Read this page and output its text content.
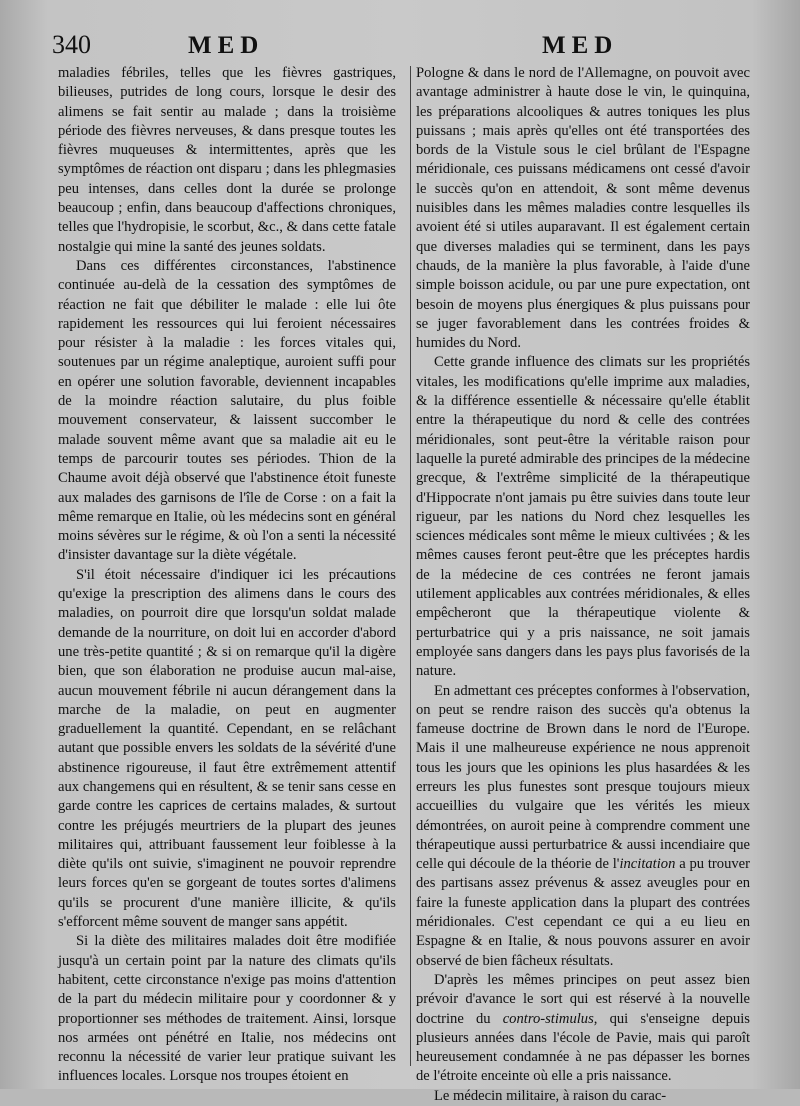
340	MED	MED

maladies fébriles, telles que les fièvres gastriques, bilieuses, putrides de long cours, lorsque le desir des alimens se fait sentir au malade ; dans la troisième période des fièvres nerveuses, & dans presque toutes les fièvres muqueuses & intermittentes, après que les symptômes de réaction ont disparu ; dans les phlegmasies peu intenses, dans celles dont la durée se prolonge beaucoup ; enfin, dans beaucoup d'affections chroniques, telles que l'hydropisie, le scorbut, &c., & dans cette fatale nostalgie qui mine la santé des jeunes soldats.

Dans ces différentes circonstances, l'abstinence continuée au-delà de la cessation des symptômes de réaction ne fait que débiliter le malade : elle lui ôte rapidement les ressources qui lui feroient nécessaires pour résister à la maladie : les forces vitales qui, soutenues par un régime analeptique, auroient suffi pour en opérer une solution favorable, deviennent incapables de la moindre réaction salutaire, du plus foible mouvement conservateur, & laissent succomber le malade souvent même avant que sa maladie ait eu le temps de parcourir toutes ses périodes. Thion de la Chaume avoit déjà observé que l'abstinence étoit funeste aux malades des garnisons de l'île de Corse : on a fait la même remarque en Italie, où les médecins sont en général moins sévères sur le régime, & où l'on a senti la nécessité d'insister davantage sur la diète végétale.

S'il étoit nécessaire d'indiquer ici les précautions qu'exige la prescription des alimens dans le cours des maladies, on pourroit dire que lorsqu'un soldat malade demande de la nourriture, on doit lui en accorder d'abord une très-petite quantité ; & si on remarque qu'il la digère bien, que son élaboration ne produise aucun mal-aise, aucun mouvement fébrile ni aucun dérangement dans la marche de la maladie, on peut en augmenter graduellement la quantité. Cependant, en se relâchant autant que possible envers les soldats de la sévérité d'une abstinence rigoureuse, il faut être extrêmement attentif aux changemens qui en résultent, & se tenir sans cesse en garde contre les caprices de certains malades, & surtout contre les préjugés meurtriers de la plupart des jeunes militaires qui, attribuant faussement leur foiblesse à la diète qu'ils ont suivie, s'imaginent ne pouvoir reprendre leurs forces qu'en se gorgeant de toutes sortes d'alimens qu'ils se procurent d'une manière illicite, & qu'ils s'efforcent même souvent de manger sans appétit.

Si la diète des militaires malades doit être modifiée jusqu'à un certain point par la nature des climats qu'ils habitent, cette circonstance n'exige pas moins d'attention de la part du médecin militaire pour y coordonner & y proportionner ses méthodes de traitement. Ainsi, lorsque nos armées ont pénétré en Italie, nos médecins ont reconnu la nécessité de varier leur pratique suivant les influences locales. Lorsque nos troupes étoient en

Pologne & dans le nord de l'Allemagne, on pouvoit avec avantage administrer à haute dose le vin, le quinquina, les préparations alcooliques & autres toniques les plus puissans ; mais après qu'elles ont été transportées des bords de la Vistule sous le ciel brûlant de l'Espagne méridionale, ces puissans médicamens ont cessé d'avoir le succès qu'on en attendoit, & sont même devenus nuisibles dans les mêmes maladies contre lesquelles ils avoient été si utiles auparavant. Il est également certain que diverses maladies qui se terminent, dans les pays chauds, de la manière la plus favorable, à l'aide d'une simple boisson acidule, ou par une pure expectation, ont besoin de moyens plus énergiques & plus puissans pour se juger favorablement dans les contrées froides & humides du Nord.

Cette grande influence des climats sur les propriétés vitales, les modifications qu'elle imprime aux maladies, & la différence essentielle & nécessaire qu'elle établit entre la thérapeutique du nord & celle des contrées méridionales, sont peut-être la véritable raison pour laquelle la pureté admirable des principes de la médecine grecque, & l'extrême simplicité de la thérapeutique d'Hippocrate n'ont jamais pu être suivies dans toute leur rigueur, par les nations du Nord chez lesquelles les sciences médicales sont même le mieux cultivées ; & les mêmes causes feront peut-être que les préceptes hardis de la médecine de ces contrées ne feront jamais utilement applicables aux contrées méridionales, & elles empêcheront que la thérapeutique violente & perturbatrice qui y a pris naissance, ne soit jamais employée sans dangers dans les pays plus favorisés de la nature.

En admettant ces préceptes conformes à l'observation, on peut se rendre raison des succès qu'a obtenus la fameuse doctrine de Brown dans le nord de l'Europe. Mais il une malheureuse expérience ne nous apprenoit tous les jours que les opinions les plus hasardées & les erreurs les plus funestes sont presque toujours mieux accueillies du vulgaire que les vérités les mieux démontrées, on auroit peine à comprendre comment une thérapeutique aussi perturbatrice & aussi incendiaire que celle qui découle de la théorie de l'incitation a pu trouver des partisans assez prévenus & assez aveugles pour en faire la funeste application dans la plupart des contrées méridionales. C'est cependant ce qui a eu lieu en Espagne & en Italie, & nous pouvons assurer en avoir observé de bien fâcheux résultats.

D'après les mêmes principes on peut assez bien prévoir d'avance le sort qui est réservé à la nouvelle doctrine du contro-stimulus, qui s'enseigne depuis plusieurs années dans l'école de Pavie, mais qui paroît heureusement condamnée à ne pas dépasser les bornes de l'étroite enceinte où elle a pris naissance.

Le médecin militaire, à raison du carac-
